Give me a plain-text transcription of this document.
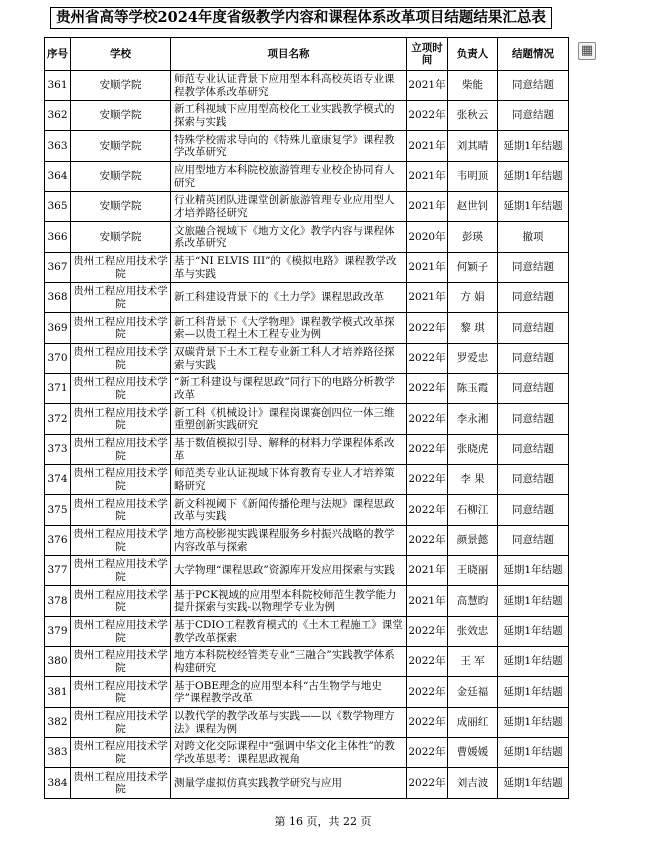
贵州省高等学校2024年度省级教学内容和课程体系改革项目结题结果汇总表
▦
序号	学校	项目名称	立项时间	负责人	结题情况
361	安顺学院	师范专业认证背景下应用型本科高校英语专业课程教学体系改革研究	2021年	柴能	同意结题
362	安顺学院	新工科视域下应用型高校化工业实践教学模式的探索与实践	2022年	张秋云	同意结题
363	安顺学院	特殊学校需求导向的《特殊儿童康复学》课程教学改革研究	2021年	刘其晴	延期1年结题
364	安顺学院	应用型地方本科院校旅游管理专业校企协同育人研究	2021年	韦明顶	延期1年结题
365	安顺学院	行业精英团队进课堂创新旅游管理专业应用型人才培养路径研究	2021年	赵世钊	延期1年结题
366	安顺学院	文旅融合视域下《地方文化》教学内容与课程体系改革研究	2020年	彭瑛	撤项
367	贵州工程应用技术学院	基于“NI ELVIS III”的《模拟电路》课程教学改革与实践	2021年	何颖子	同意结题
368	贵州工程应用技术学院	新工科建设背景下的《土力学》课程思政改革	2021年	方 娟	同意结题
369	贵州工程应用技术学院	新工科背景下《大学物理》课程教学模式改革探索—以贵工程土木工程专业为例	2022年	黎 琪	同意结题
370	贵州工程应用技术学院	双碳背景下土木工程专业新工科人才培养路径探索与实践	2022年	罗爱忠	同意结题
371	贵州工程应用技术学院	“新工科建设与课程思政”同行下的电路分析教学改革	2022年	陈玉霞	同意结题
372	贵州工程应用技术学院	新工科《机械设计》课程岗课赛创四位一体三维重塑创新实践研究	2022年	李永湘	同意结题
373	贵州工程应用技术学院	基于数值模拟引导、解释的材料力学课程体系改革	2022年	张晓虎	同意结题
374	贵州工程应用技术学院	师范类专业认证视域下体育教育专业人才培养策略研究	2022年	李 果	同意结题
375	贵州工程应用技术学院	新文科视阈下《新闻传播伦理与法规》课程思政改革与实践	2022年	石柳江	同意结题
376	贵州工程应用技术学院	地方高校影视实践课程服务乡村振兴战略的教学内容改革与探索	2022年	颜景懿	同意结题
377	贵州工程应用技术学院	大学物理“课程思政”资源库开发应用探索与实践	2021年	王晓丽	延期1年结题
378	贵州工程应用技术学院	基于PCK视域的应用型本科院校师范生教学能力提升探索与实践-以物理学专业为例	2021年	高慧昀	延期1年结题
379	贵州工程应用技术学院	基于CDIO工程教育模式的《土木工程施工》课堂教学改革探索	2022年	张效忠	延期1年结题
380	贵州工程应用技术学院	地方本科院校经管类专业“三融合”实践教学体系构建研究	2022年	王 军	延期1年结题
381	贵州工程应用技术学院	基于OBE理念的应用型本科“古生物学与地史学”课程教学改革	2022年	金廷福	延期1年结题
382	贵州工程应用技术学院	以教代学的教学改革与实践——以《数学物理方法》课程为例	2022年	成丽红	延期1年结题
383	贵州工程应用技术学院	对跨文化交际课程中“强调中华文化主体性”的教学改革思考：课程思政视角	2022年	曹媛媛	延期1年结题
384	贵州工程应用技术学院	测量学虚拟仿真实践教学研究与应用	2022年	刘吉波	延期1年结题
第 16 页，共 22 页
